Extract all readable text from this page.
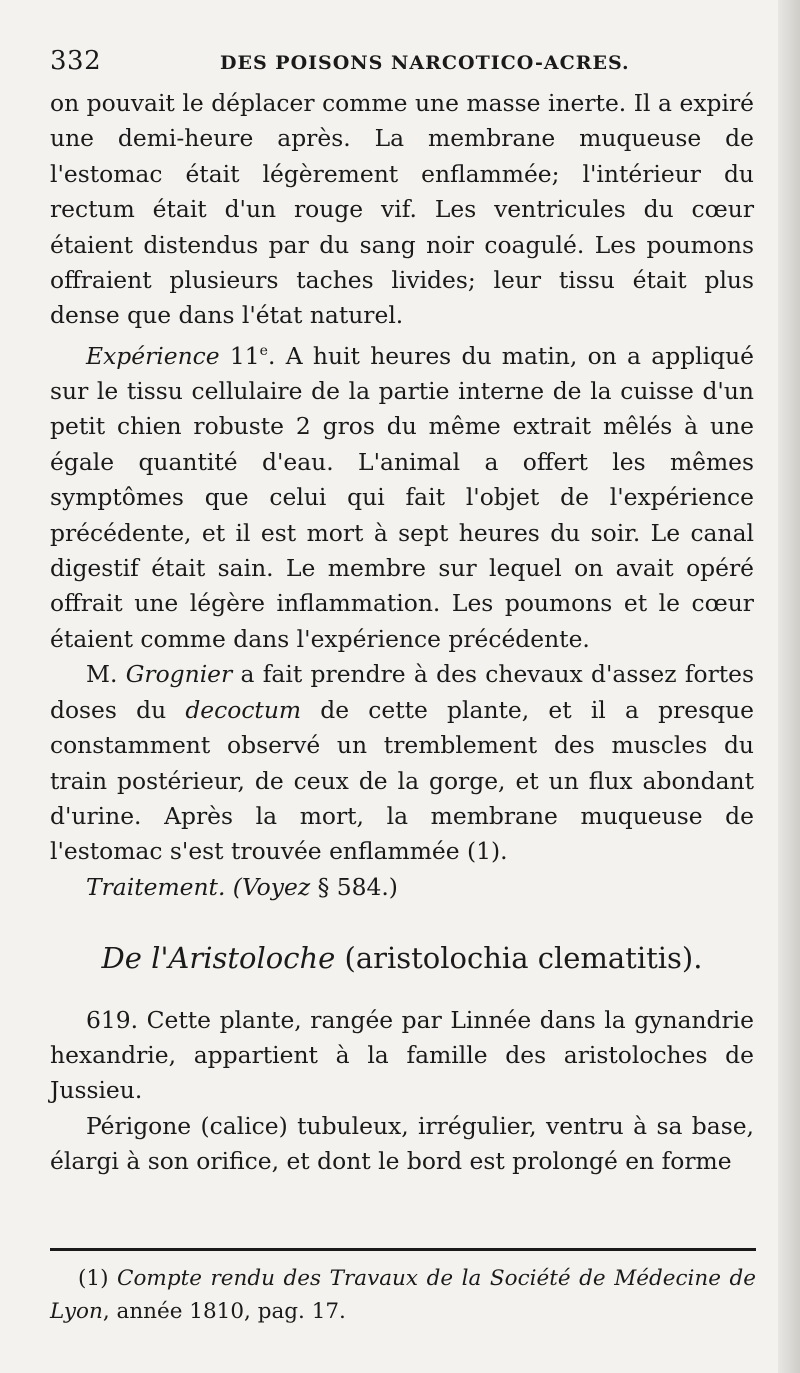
332	DES POISONS NARCOTICO-ACRES.

on pouvait le déplacer comme une masse inerte. Il a expiré une demi-heure après. La membrane muqueuse de l'estomac était légèrement enflammée; l'intérieur du rectum était d'un rouge vif. Les ventricules du cœur étaient distendus par du sang noir coagulé. Les poumons offraient plusieurs taches livides; leur tissu était plus dense que dans l'état naturel.

Expérience 11e. A huit heures du matin, on a appliqué sur le tissu cellulaire de la partie interne de la cuisse d'un petit chien robuste 2 gros du même extrait mêlés à une égale quantité d'eau. L'animal a offert les mêmes symptômes que celui qui fait l'objet de l'expérience précédente, et il est mort à sept heures du soir. Le canal digestif était sain. Le membre sur lequel on avait opéré offrait une légère inflammation. Les poumons et le cœur étaient comme dans l'expérience précédente.

M. Grognier a fait prendre à des chevaux d'assez fortes doses du decoctum de cette plante, et il a presque constamment observé un tremblement des muscles du train postérieur, de ceux de la gorge, et un flux abondant d'urine. Après la mort, la membrane muqueuse de l'estomac s'est trouvée enflammée (1).

Traitement. (Voyez § 584.)

De l'Aristoloche (aristolochia clematitis).

619. Cette plante, rangée par Linnée dans la gynandrie hexandrie, appartient à la famille des aristoloches de Jussieu.

Périgone (calice) tubuleux, irrégulier, ventru à sa base, élargi à son orifice, et dont le bord est prolongé en forme

(1) Compte rendu des Travaux de la Société de Médecine de Lyon, année 1810, pag. 17.
